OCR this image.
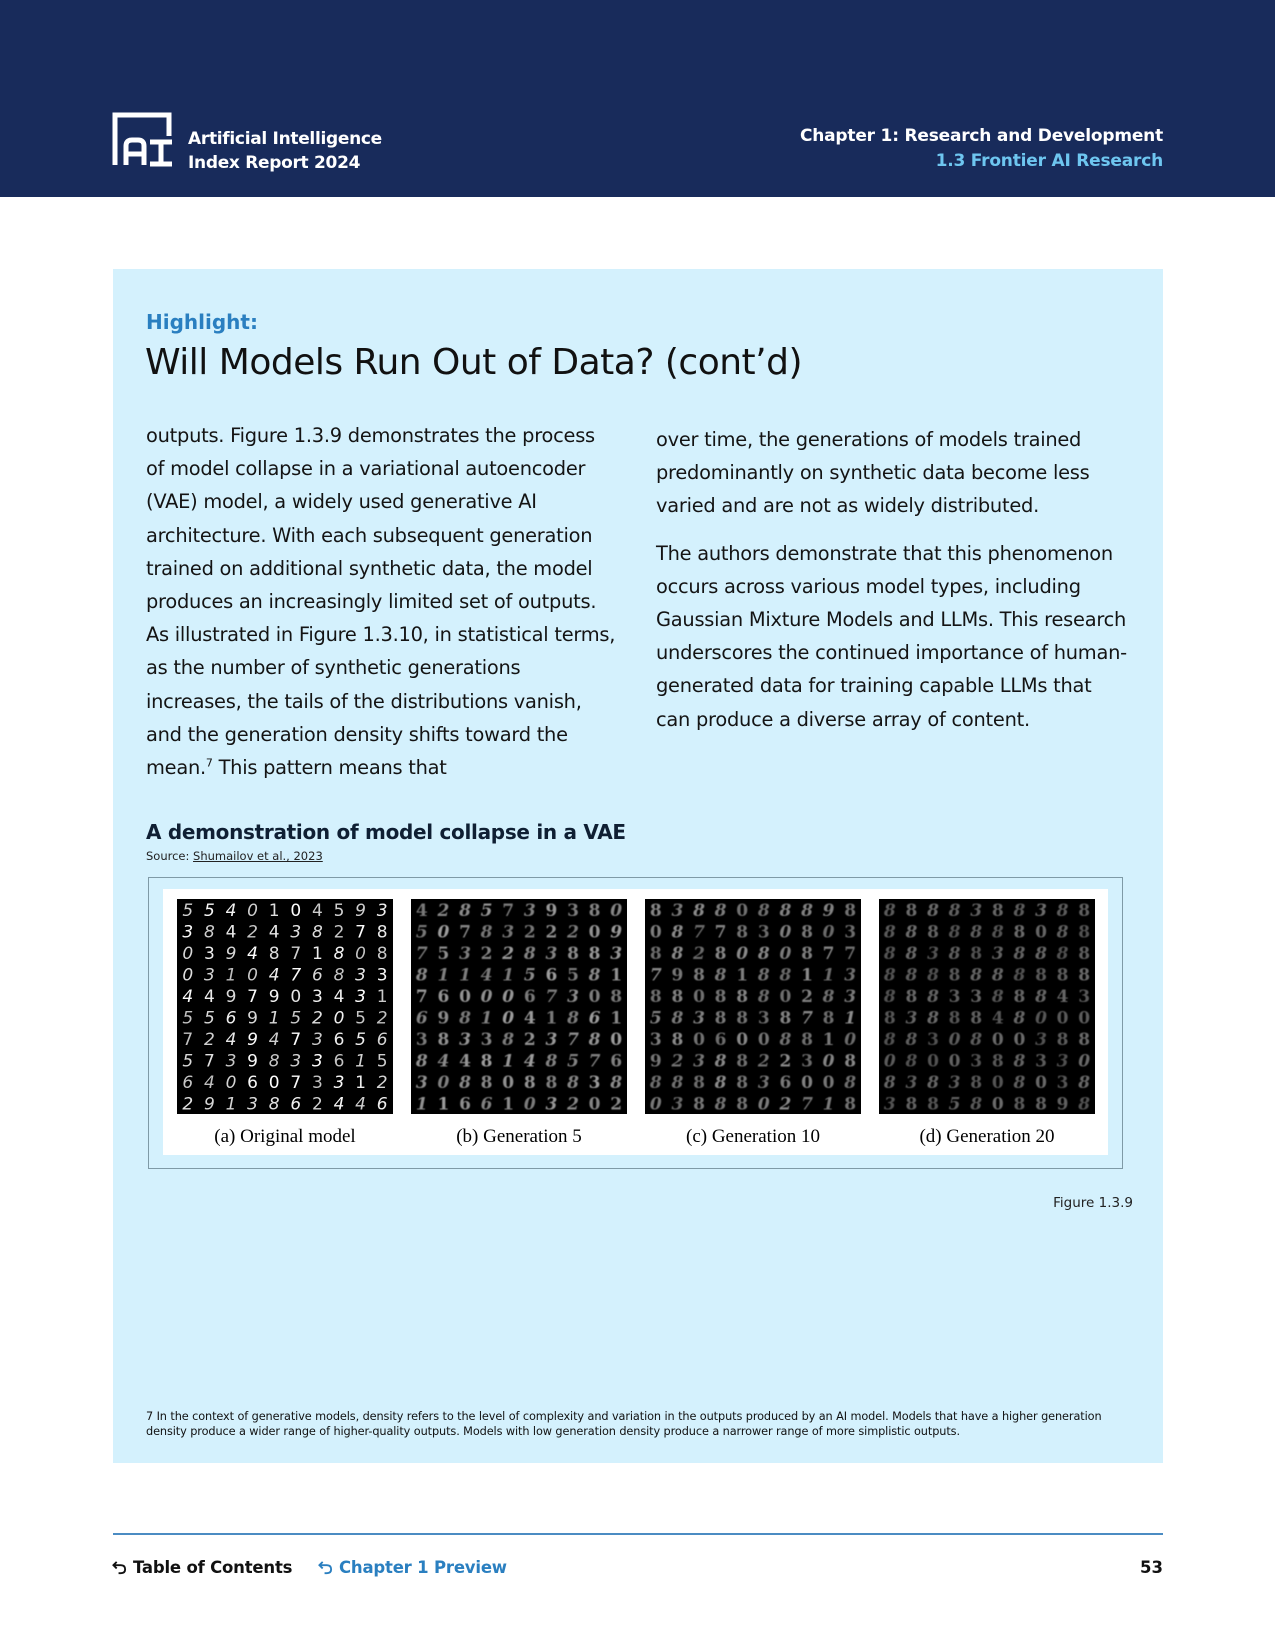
Artificial Intelligence
Index Report 2024
Chapter 1: Research and Development
1.3 Frontier AI Research
Highlight:
Will Models Run Out of Data? (cont’d)

outputs. Figure 1.3.9 demonstrates the process of model collapse in a variational autoencoder (VAE) model, a widely used generative AI architecture. With each subsequent generation trained on additional synthetic data, the model produces an increasingly limited set of outputs. As illustrated in Figure 1.3.10, in statistical terms, as the number of synthetic generations increases, the tails of the distributions vanish, and the generation density shifts toward the mean.$^7$ This pattern means that

over time, the generations of models trained predominantly on synthetic data become less varied and are not as widely distributed.

The authors demonstrate that this phenomenon occurs across various model types, including Gaussian Mixture Models and LLMs. This research underscores the continued importance of human-generated data for training capable LLMs that can produce a diverse array of content.

A demonstration of model collapse in a VAE
Source: Shumailov et al., 2023
5 5 4 0 1 0 4 5 9 3
3 8 4 2 4 3 8 2 7 8
0 3 9 4 8 7 1 8 0 8
0 3 1 0 4 7 6 8 3 3
4 4 9 7 9 0 3 4 3 1
5 5 6 9 1 5 2 0 5 2
7 2 4 9 4 7 3 6 5 6
5 7 3 9 8 3 3 6 1 5
6 4 0 6 0 7 3 3 1 2
2 9 1 3 8 6 2 4 4 6
(a) Original model
4 2 8 5 7 3 9 3 8 0
5 0 7 8 3 2 2 2 0 9
7 5 3 2 2 8 3 8 8 3
8 1 1 4 1 5 6 5 8 1
7 6 0 0 0 6 7 3 0 8
6 9 8 1 0 4 1 8 6 1
3 8 3 3 8 2 3 7 8 0
8 4 4 8 1 4 8 5 7 6
3 0 8 8 0 8 8 8 3 8
1 1 6 6 1 0 3 2 0 2
(b) Generation 5
8 3 8 8 0 8 8 8 9 8
0 8 7 7 8 3 0 8 0 3
8 8 2 8 0 8 0 8 7 7
7 9 8 8 1 8 8 1 1 3
8 8 0 8 8 8 0 2 8 3
5 8 3 8 8 3 8 7 8 1
3 8 0 6 0 0 8 8 1 0
9 2 3 8 8 2 2 3 0 8
8 8 8 8 8 3 6 0 0 8
0 3 8 8 8 0 2 7 1 8
(c) Generation 10
8 8 8 8 3 8 8 3 8 8
8 8 8 8 8 8 8 0 8 8
8 8 3 8 8 3 8 8 8 8
8 8 8 8 8 8 8 8 8 8
8 8 8 3 3 8 8 8 4 3
8 3 8 8 8 4 8 0 0 0
8 8 3 0 8 0 0 3 8 8
0 8 0 0 3 8 8 3 3 0
8 3 8 3 8 0 8 0 3 8
3 8 8 5 8 0 8 8 9 8
(d) Generation 20
Figure 1.3.9
7 In the context of generative models, density refers to the level of complexity and variation in the outputs produced by an AI model. Models that have a higher generation density produce a wider range of higher-quality outputs. Models with low generation density produce a narrower range of more simplistic outputs.
Table of Contents	Chapter 1 Preview	53
